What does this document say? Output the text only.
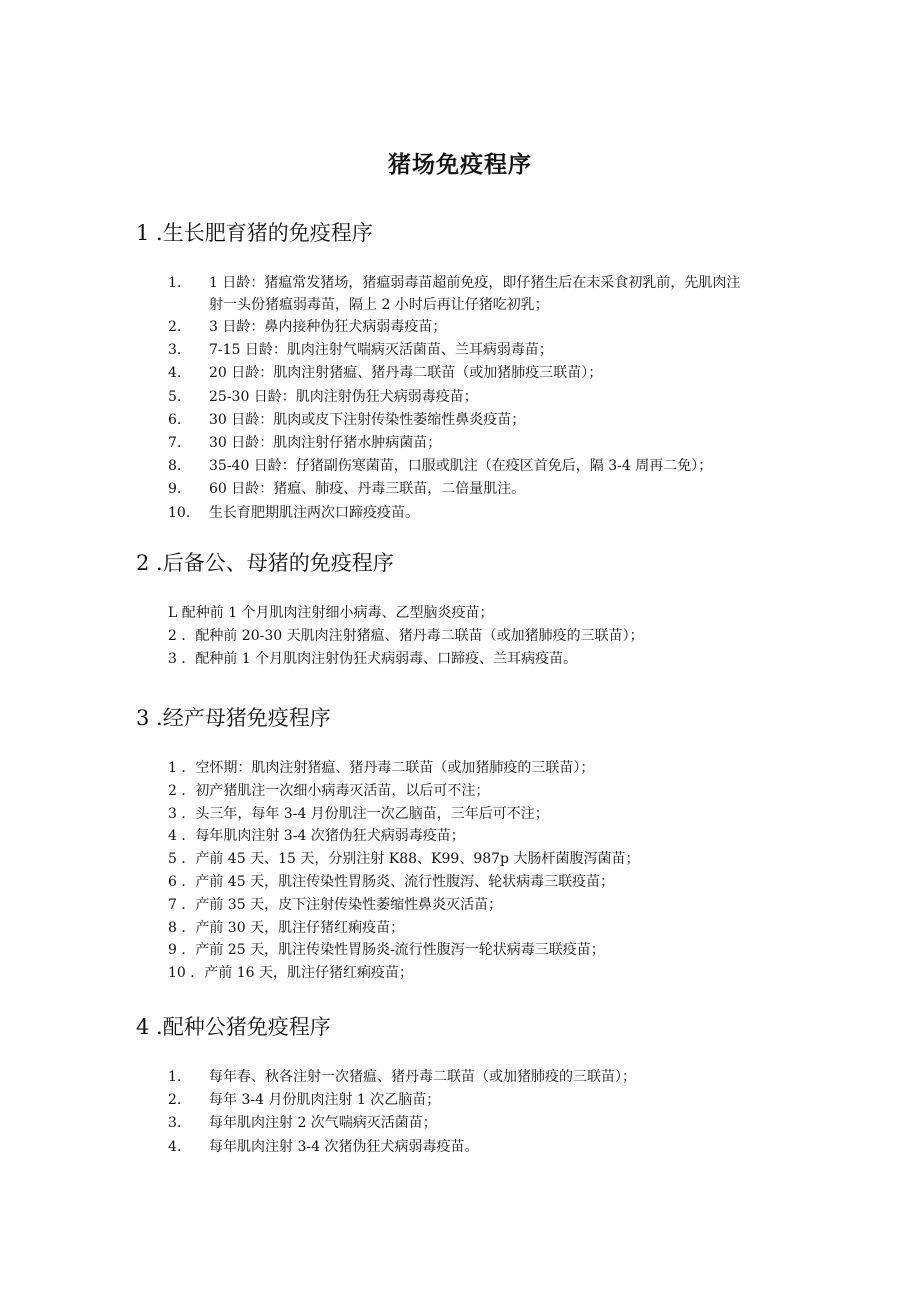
猪场免疫程序
1 .生长肥育猪的免疫程序
1.	1 日龄：猪瘟常发猪场，猪瘟弱毒苗超前免疫，即仔猪生后在未采食初乳前，先肌肉注射一头份猪瘟弱毒苗，隔上 2 小时后再让仔猪吃初乳；
2.	3 日龄：鼻内接种伪狂犬病弱毒疫苗；
3.	7-15 日龄：肌肉注射气喘病灭活菌苗、兰耳病弱毒苗；
4.	20 日龄：肌肉注射猪瘟、猪丹毒二联苗（或加猪肺疫三联苗）；
5.	25-30 日龄：肌肉注射伪狂犬病弱毒疫苗；
6.	30 日龄：肌肉或皮下注射传染性萎缩性鼻炎疫苗；
7.	30 日龄：肌肉注射仔猪水肿病菌苗；
8.	35-40 日龄：仔猪副伤寒菌苗，口服或肌注（在疫区首免后，隔 3-4 周再二免）；
9.	60 日龄：猪瘟、肺疫、丹毒三联苗，二倍量肌注。
10.	生长育肥期肌注两次口蹄疫疫苗。
2 .后备公、母猪的免疫程序
L 配种前 1 个月肌肉注射细小病毒、乙型脑炎疫苗；
2 ．配种前 20-30 天肌肉注射猪瘟、猪丹毒二联苗（或加猪肺疫的三联苗）；
3 ．配种前 1 个月肌肉注射伪狂犬病弱毒、口蹄疫、兰耳病疫苗。
3 .经产母猪免疫程序
1 ．空怀期：肌肉注射猪瘟、猪丹毒二联苗（或加猪肺疫的三联苗）；
2 ．初产猪肌注一次细小病毒灭活苗，以后可不注；
3 ．头三年，每年 3-4 月份肌注一次乙脑苗，三年后可不注；
4 ．每年肌肉注射 3-4 次猪伪狂犬病弱毒疫苗；
5 ．产前 45 天、15 天，分别注射 K88、K99、987p 大肠杆菌腹泻菌苗；
6 ．产前 45 天，肌注传染性胃肠炎、流行性腹泻、轮状病毒三联疫苗；
7 ．产前 35 天，皮下注射传染性萎缩性鼻炎灭活苗；
8 ．产前 30 天，肌注仔猪红痢疫苗；
9 ．产前 25 天，肌注传染性胃肠炎-流行性腹泻一轮状病毒三联疫苗；
10 ．产前 16 天，肌注仔猪红痢疫苗；
4 .配种公猪免疫程序
1.	每年春、秋各注射一次猪瘟、猪丹毒二联苗（或加猪肺疫的三联苗）；
2.	每年 3-4 月份肌肉注射 1 次乙脑苗；
3.	每年肌肉注射 2 次气喘病灭活菌苗；
4.	每年肌肉注射 3-4 次猪伪狂犬病弱毒疫苗。
